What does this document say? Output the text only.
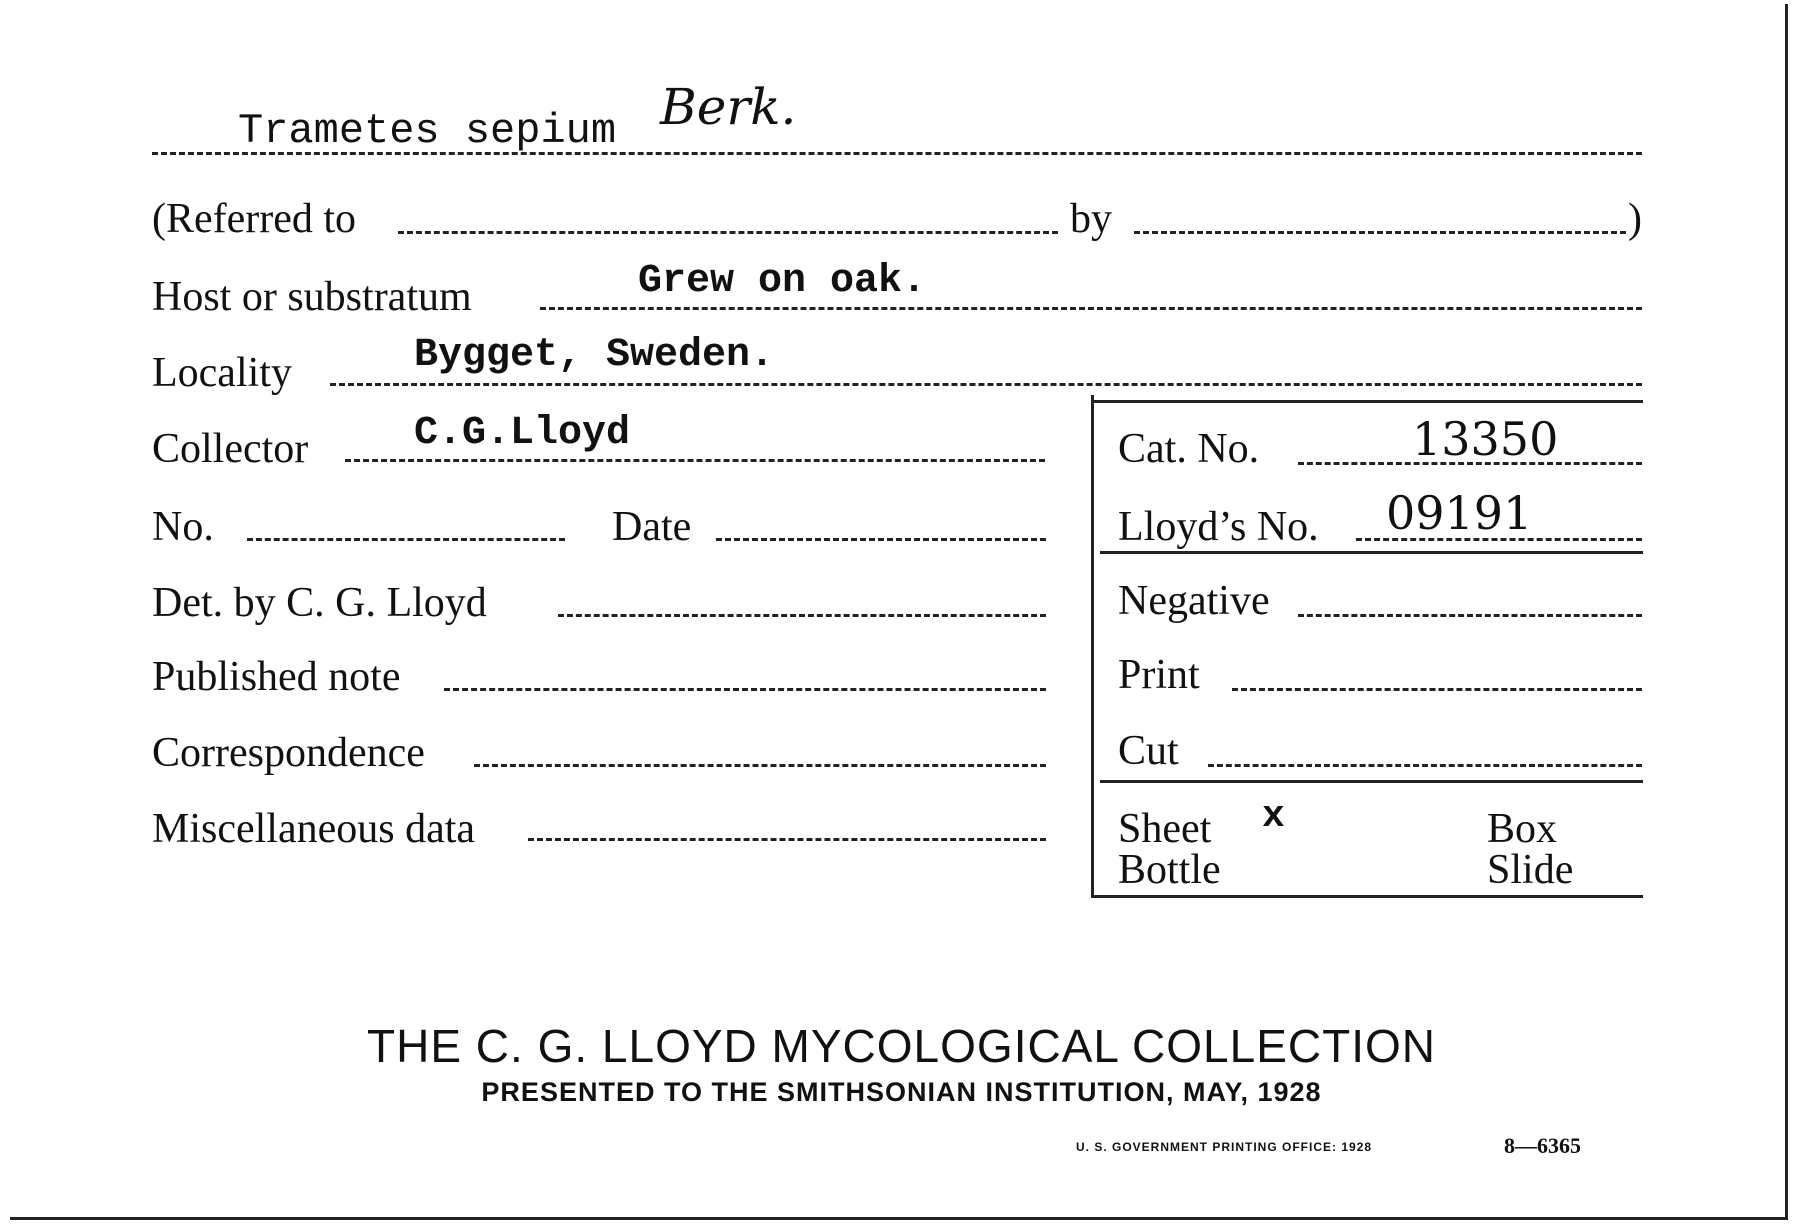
Trametes sepium Berk.
(Referred to	by	)
Host or substratum	Grew on oak.
Locality	Bygget, Sweden.
Collector	C.G.Lloyd	Cat. No.	13350
No.	Date	Lloyd’s No. 09191
Det. by C. G. Lloyd	Negative
Published note	Print
Correspondence	Cut
Miscellaneous data	Sheet x	Box
Bottle	Slide
THE C. G. LLOYD MYCOLOGICAL COLLECTION
PRESENTED TO THE SMITHSONIAN INSTITUTION, MAY, 1928
U. S. GOVERNMENT PRINTING OFFICE: 1928	8—6365
